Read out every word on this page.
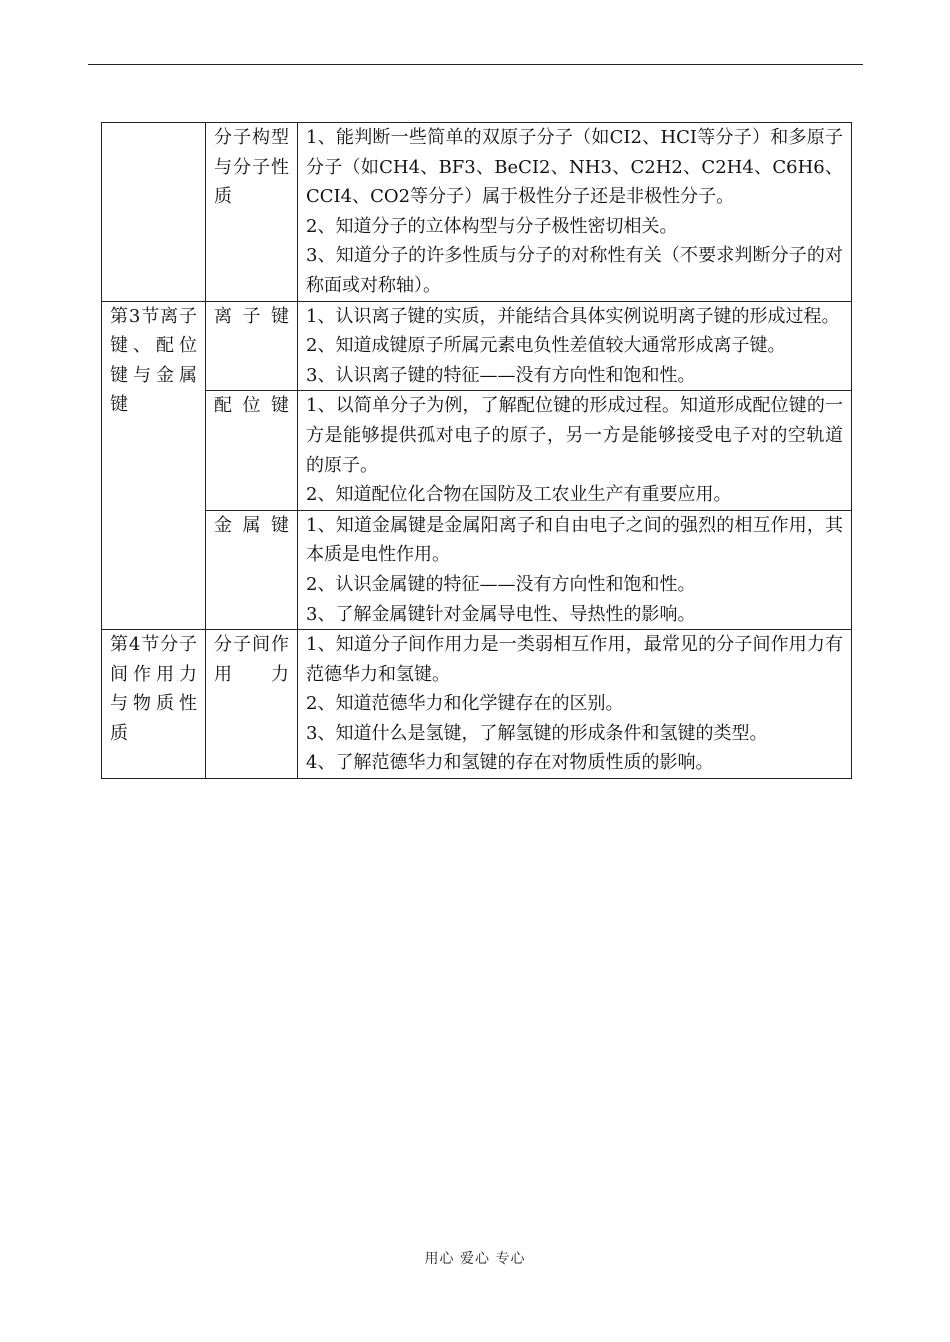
	分子构型与分子性质	1、能判断一些简单的双原子分子（如CI2、HCI等分子）和多原子分子（如CH4、BF3、BeCI2、NH3、C2H2、C2H4、C6H6、CCI4、CO2等分子）属于极性分子还是非极性分子。
2、知道分子的立体构型与分子极性密切相关。
3、知道分子的许多性质与分子的对称性有关（不要求判断分子的对称面或对称轴）。

第3节离子键、配位键与金属键	离子键	1、认识离子键的实质，并能结合具体实例说明离子键的形成过程。
2、知道成键原子所属元素电负性差值较大通常形成离子键。
3、认识离子键的特征——没有方向性和饱和性。

	配位键	1、以简单分子为例，了解配位键的形成过程。知道形成配位键的一方是能够提供孤对电子的原子，另一方是能够接受电子对的空轨道的原子。
2、知道配位化合物在国防及工农业生产有重要应用。

	金属键	1、知道金属键是金属阳离子和自由电子之间的强烈的相互作用，其本质是电性作用。
2、认识金属键的特征——没有方向性和饱和性。
3、了解金属键针对金属导电性、导热性的影响。

第4节分子间作用力与物质性质	分子间作用力	1、知道分子间作用力是一类弱相互作用，最常见的分子间作用力有范德华力和氢键。
2、知道范德华力和化学键存在的区别。
3、知道什么是氢键，了解氢键的形成条件和氢键的类型。
4、了解范德华力和氢键的存在对物质性质的影响。
用心 爱心 专心
